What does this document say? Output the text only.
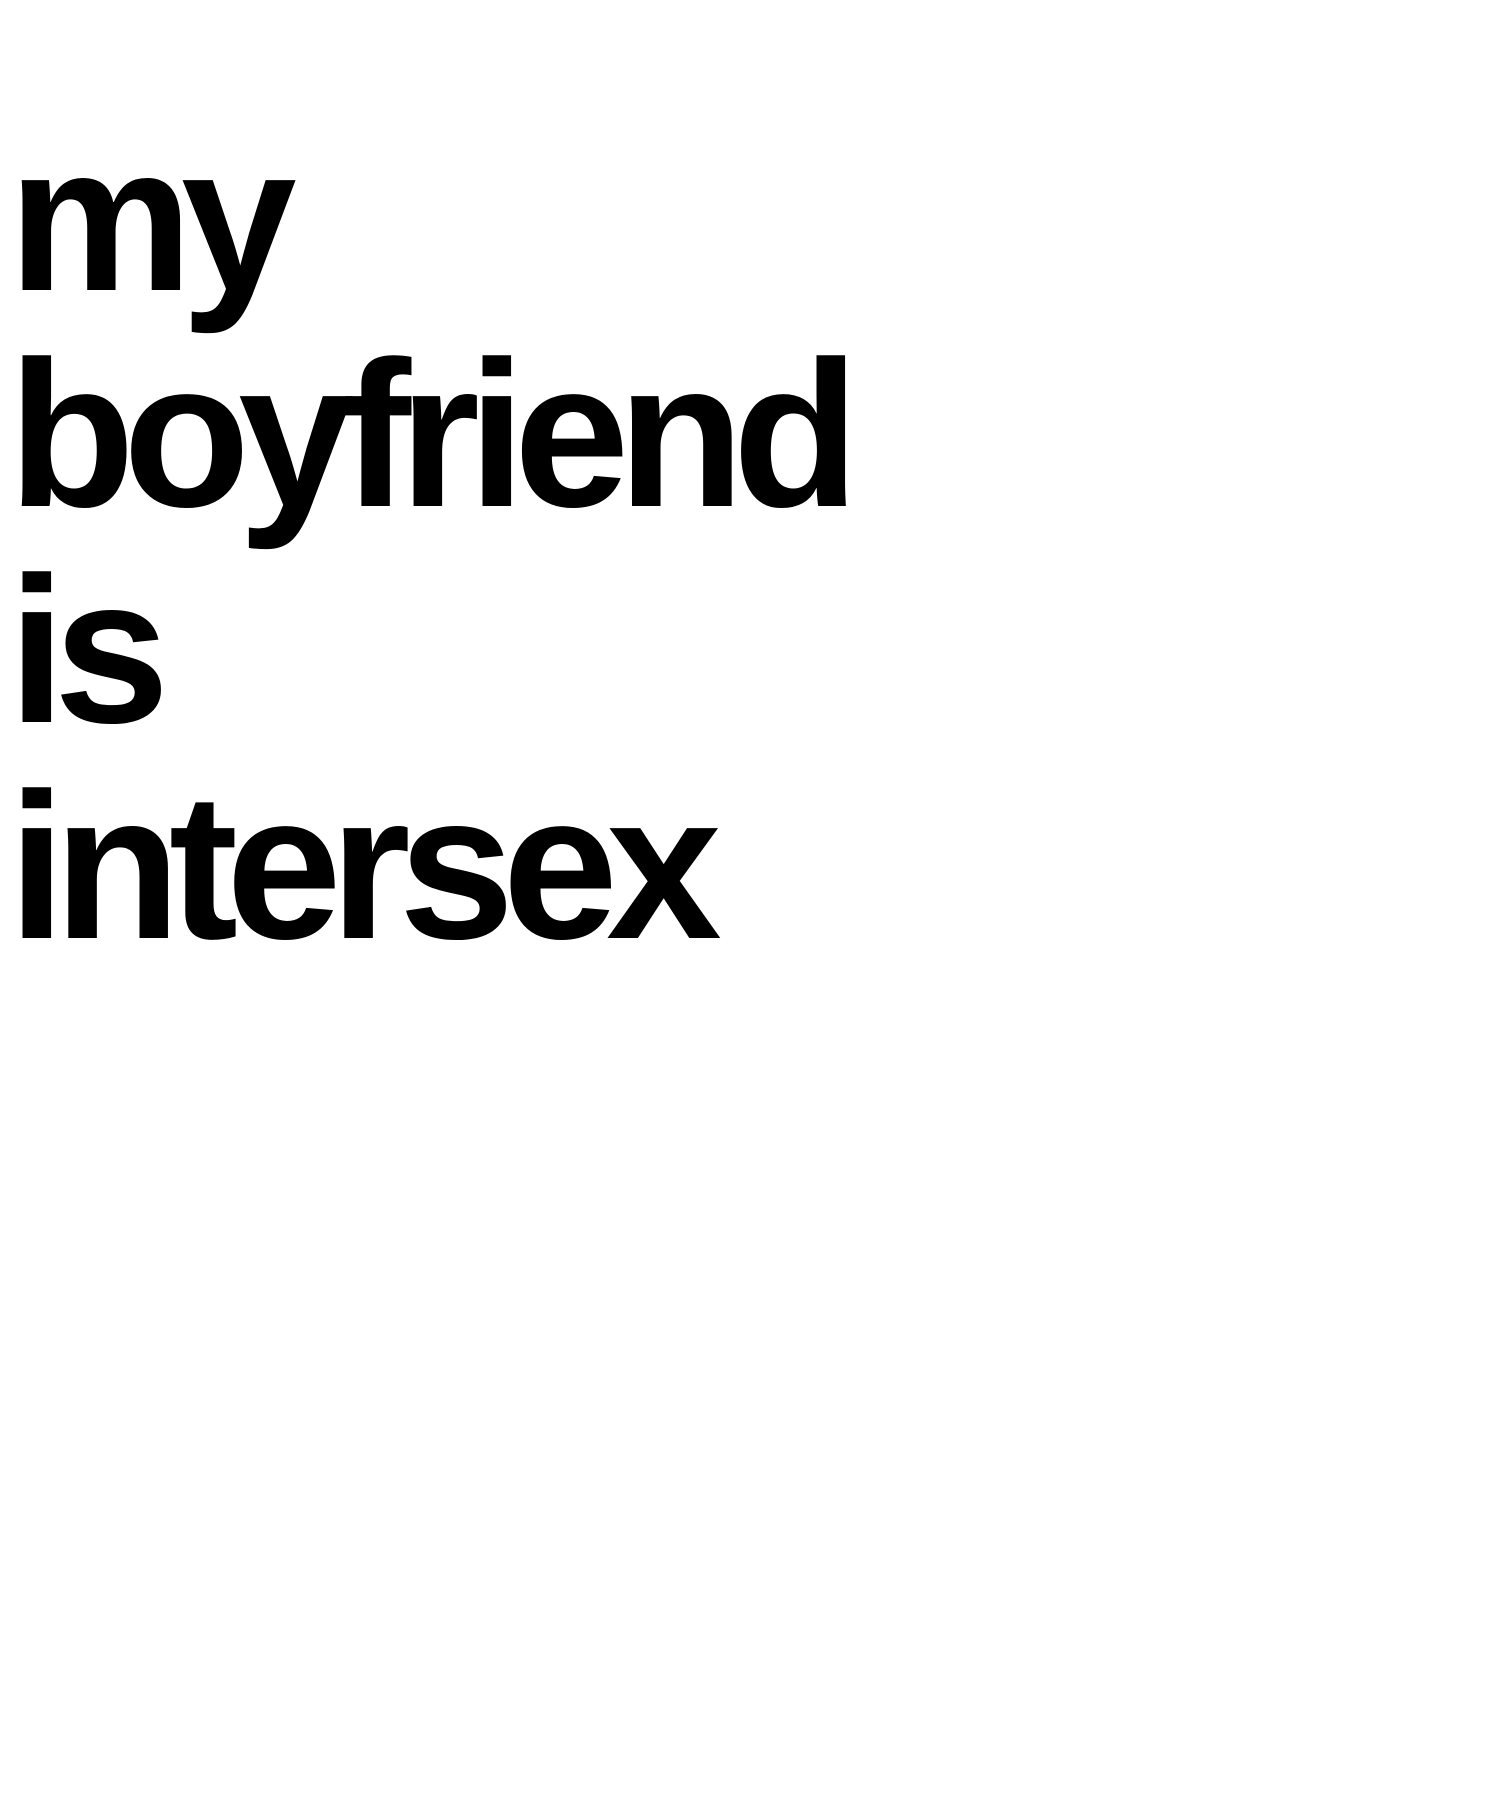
my
boyfriend
is
intersex
